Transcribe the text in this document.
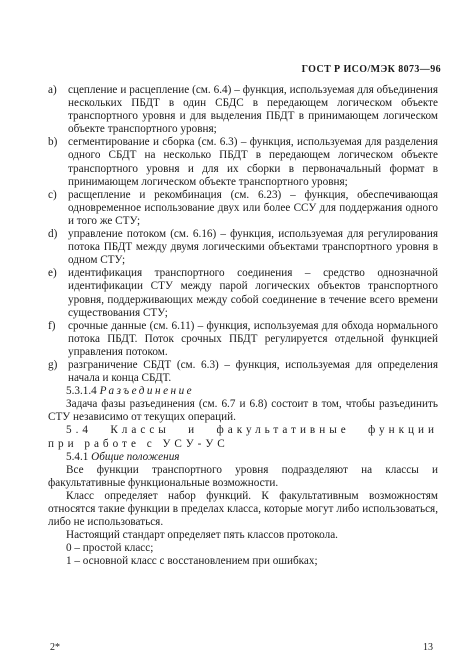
ГОСТ Р ИСО/МЭК 8073—96
a)	сцепление и расцепление (см. 6.4) – функция, используемая для объединения нескольких ПБДТ в один СБДС в передающем логическом объекте транспортного уровня и для выделения ПБДТ в принимающем логическом объекте транспортного уровня;
b) сегментирование и сборка (см. 6.3) – функция, используемая для разделения одного СБДТ на несколько ПБДТ в передающем логическом объекте транспортного уровня и для их сборки в первоначальный формат в принимающем логическом объекте транспортного уровня;
c)	расщепление и рекомбинация (см. 6.23) – функция, обеспечивающая одновременное использование двух или более ССУ для поддержания одного и того же СТУ;
d) управление потоком (см. 6.16) – функция, используемая для регулирования потока ПБДТ между двумя логическими объектами транспортного уровня в одном СТУ;
e)	идентификация транспортного соединения – средство однозначной идентификации СТУ между парой логических объектов транспортного уровня, поддерживающих между собой соединение в течение всего времени существования СТУ;
f)	срочные данные (см. 6.11) – функция, используемая для обхода нормального потока ПБДТ. Поток срочных ПБДТ регулируется отдельной функцией управления потоком.
g) разграничение СБДТ (см. 6.3) – функция, используемая для определения начала и конца СБДТ.
5.3.1.4 Разъединение
Задача фазы разъединения (см. 6.7 и 6.8) состоит в том, чтобы разъединить СТУ независимо от текущих операций.
5.4 Классы и факультативные функции
при работе с УСУ-УС
5.4.1 Общие положения
Все функции транспортного уровня подразделяют на классы и факультативные функциональные возможности.
Класс определяет набор функций. К факультативным возможностям относятся такие функции в пределах класса, которые могут либо использоваться, либо не использоваться.
Настоящий стандарт определяет пять классов протокола.
0 – простой класс;
1 – основной класс с восстановлением при ошибках;
2*	13
